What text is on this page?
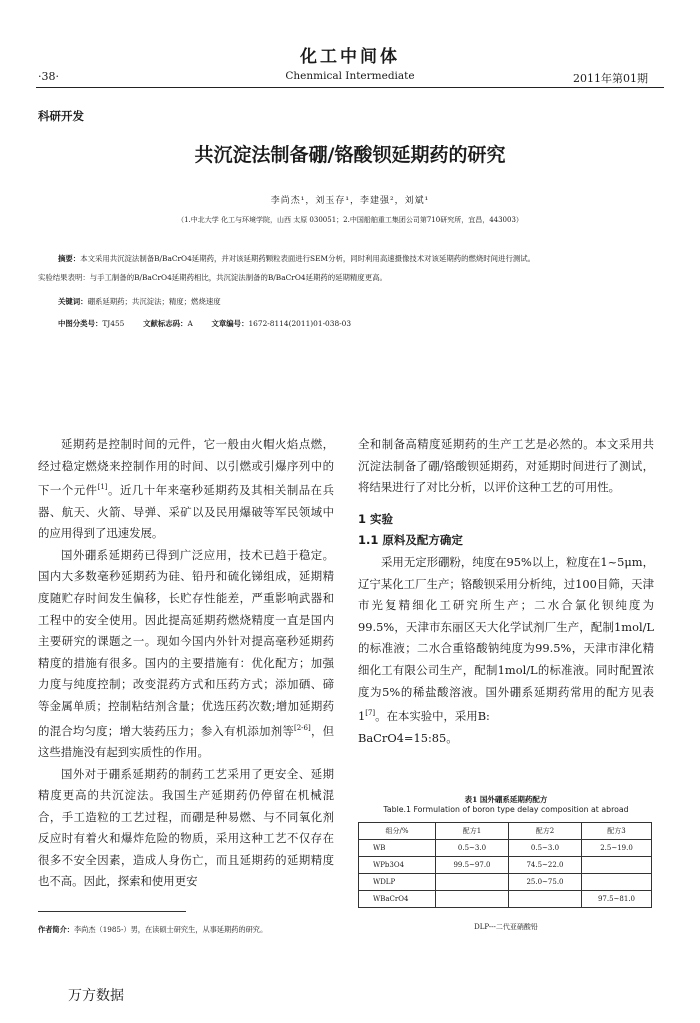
化工中间体
·38·	Chenmical Intermediate	2011年第01期
科研开发
共沉淀法制备硼/铬酸钡延期药的研究
李尚杰¹，刘玉存¹，李建强²，刘斌¹
（1.中北大学 化工与环境学院，山西 太原 030051；2.中国船舶重工集团公司第710研究所，宜昌，443003）
摘要：本文采用共沉淀法制备B/BaCrO4延期药，并对该延期药颗粒表面进行SEM分析，同时利用高速摄像技术对该延期药的燃烧时间进行测试。
实验结果表明：与手工制备的B/BaCrO4延期药相比，共沉淀法制备的B/BaCrO4延期药的延期精度更高。
关键词：硼系延期药；共沉淀法；精度；燃烧速度
中图分类号：TJ455	文献标志码：A	文章编号：1672-8114(2011)01-038-03

延期药是控制时间的元件，它一般由火帽火焰点燃，经过稳定燃烧来控制作用的时间、以引燃或引爆序列中的下一个元件[1]。近几十年来毫秒延期药及其相关制品在兵器、航天、火箭、导弹、采矿以及民用爆破等军民领域中的应用得到了迅速发展。

国外硼系延期药已得到广泛应用，技术已趋于稳定。国内大多数毫秒延期药为硅、铅丹和硫化锑组成，延期精度随贮存时间发生偏移，长贮存性能差，严重影响武器和工程中的安全使用。因此提高延期药燃烧精度一直是国内主要研究的课题之一。现如今国内外针对提高毫秒延期药精度的措施有很多。国内的主要措施有：优化配方；加强力度与纯度控制；改变混药方式和压药方式；添加硒、碲等金属单质；控制粘结剂含量；优选压药次数;增加延期药的混合均匀度；增大装药压力；参入有机添加剂等[2-6]，但这些措施没有起到实质性的作用。

国外对于硼系延期药的制药工艺采用了更安全、延期精度更高的共沉淀法。我国生产延期药仍停留在机械混合，手工造粒的工艺过程，而硼是种易燃、与不同氧化剂反应时有着火和爆炸危险的物质，采用这种工艺不仅存在很多不安全因素，造成人身伤亡，而且延期药的延期精度也不高。因此，探索和使用更安

全和制备高精度延期药的生产工艺是必然的。本文采用共沉淀法制备了硼/铬酸钡延期药，对延期时间进行了测试，将结果进行了对比分析，以评价这种工艺的可用性。

1 实验
1.1 原料及配方确定

采用无定形硼粉，纯度在95%以上，粒度在1~5μm，辽宁某化工厂生产；铬酸钡采用分析纯，过100目筛，天津市光复精细化工研究所生产；二水合氯化钡纯度为99.5%，天津市东丽区天大化学试剂厂生产，配制1mol/L的标准液；二水合重铬酸钠纯度为99.5%，天津市津化精细化工有限公司生产，配制1mol/L的标准液。同时配置浓度为5%的稀盐酸溶液。国外硼系延期药常用的配方见表1[7]。在本实验中，采用B:

BaCrO4=15:85。

表1 国外硼系延期药配方
Table.1 Formulation of boron type delay composition at abroad
组分/%	配方1	配方2	配方3
WB	0.5~3.0	0.5~3.0	2.5~19.0
WPb3O4	99.5~97.0	74.5~22.0	
WDLP		25.0~75.0	
WBaCrO4			97.5~81.0
DLP---二代亚硝酸铅
作者简介：李尚杰（1985-）男，在读硕士研究生，从事延期药的研究。
万方数据
